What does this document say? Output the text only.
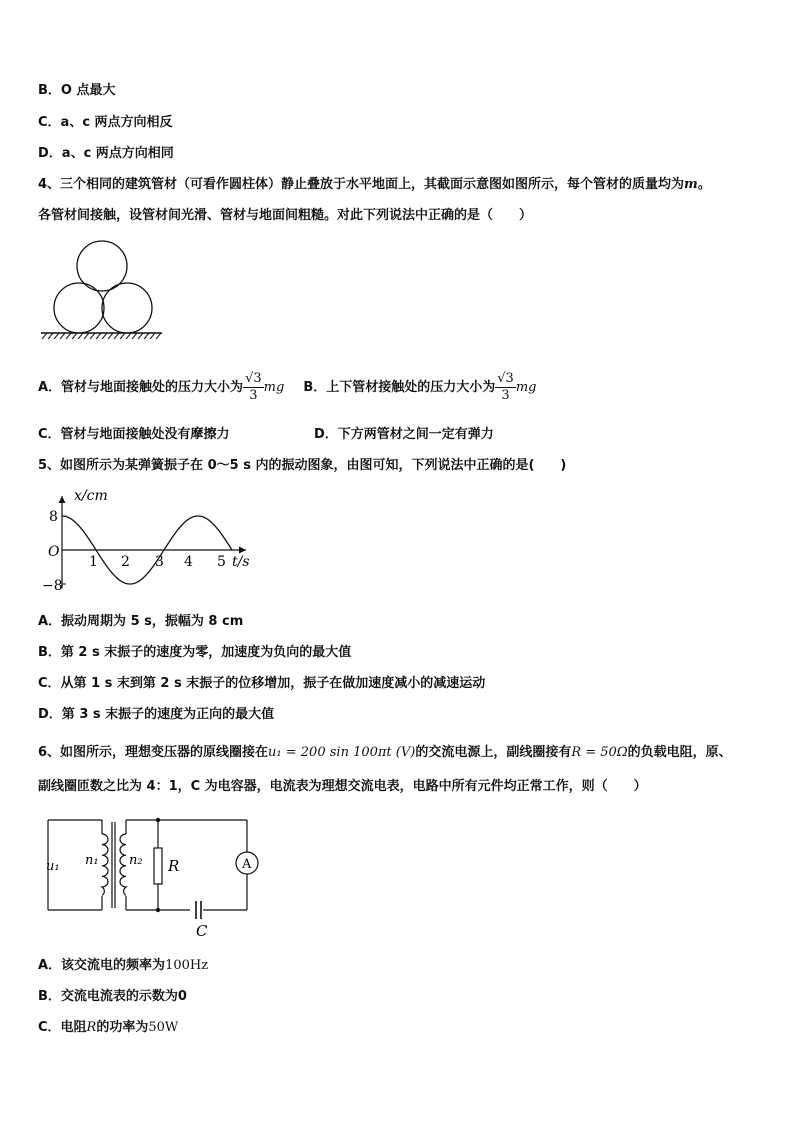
B．O 点最大
C．a、c 两点方向相反
D．a、c 两点方向相同
4、三个相同的建筑管材（可看作圆柱体）静止叠放于水平地面上，其截面示意图如图所示，每个管材的质量均为m。
各管材间接触，设管材间光滑、管材与地面间粗糙。对此下列说法中正确的是（　　）
A．管材与地面接触处的压力大小为 $\frac{√3}{3}$ mg B．上下管材接触处的压力大小为 $\frac{√3}{3}$ mg
C．管材与地面接触处没有摩擦力	D．下方两管材之间一定有弹力
5、如图所示为某弹簧振子在 0～5 s 内的振动图象，由图可知，下列说法中正确的是(　　)
x/cm
t/s
O
8
−8
1 2 3 4 5
A．振动周期为 5 s，振幅为 8 cm
B．第 2 s 末振子的速度为零，加速度为负向的最大值
C．从第 1 s 末到第 2 s 末振子的位移增加，振子在做加速度减小的减速运动
D．第 3 s 末振子的速度为正向的最大值
6、如图所示，理想变压器的原线圈接在u₁ = 200 sin 100πt (V)的交流电源上，副线圈接有R = 50Ω的负载电阻，原、
副线圈匝数之比为 4：1，C 为电容器，电流表为理想交流电表，电路中所有元件均正常工作，则（　　）
u₁ n₁ n₂ R	A
C
A．该交流电的频率为100Hz
B．交流电流表的示数为0
C．电阻R的功率为50W
